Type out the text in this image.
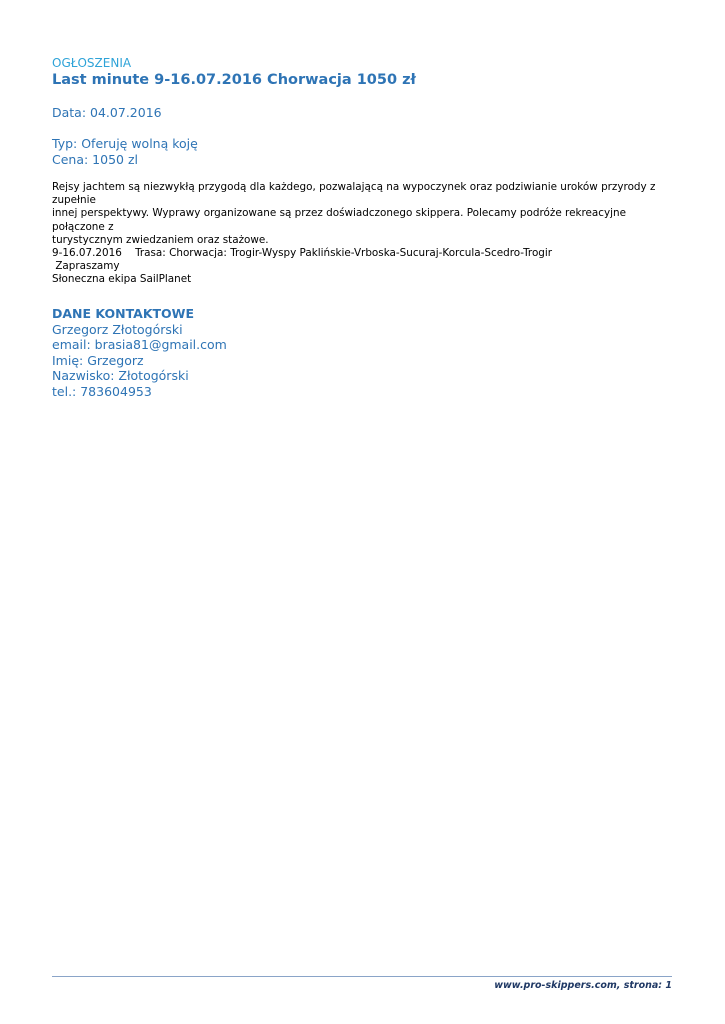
OGŁOSZENIA
Last minute 9-16.07.2016 Chorwacja 1050 zł
Data: 04.07.2016
Typ: Oferuję wolną koję
Cena: 1050 zl
Rejsy jachtem są niezwykłą przygodą dla każdego, pozwalającą na wypoczynek oraz podziwianie uroków przyrody z zupełnie
innej perspektywy. Wyprawy organizowane są przez doświadczonego skippera. Polecamy podróże rekreacyjne połączone z
turystycznym zwiedzaniem oraz stażowe.
9-16.07.2016    Trasa: Chorwacja: Trogir-Wyspy Paklińskie-Vrboska-Sucuraj-Korcula-Scedro-Trogir
Zapraszamy
Słoneczna ekipa SailPlanet
DANE KONTAKTOWE
Grzegorz Złotogórski
email: brasia81@gmail.com
Imię: Grzegorz
Nazwisko: Złotogórski
tel.: 783604953
www.pro-skippers.com, strona: 1
